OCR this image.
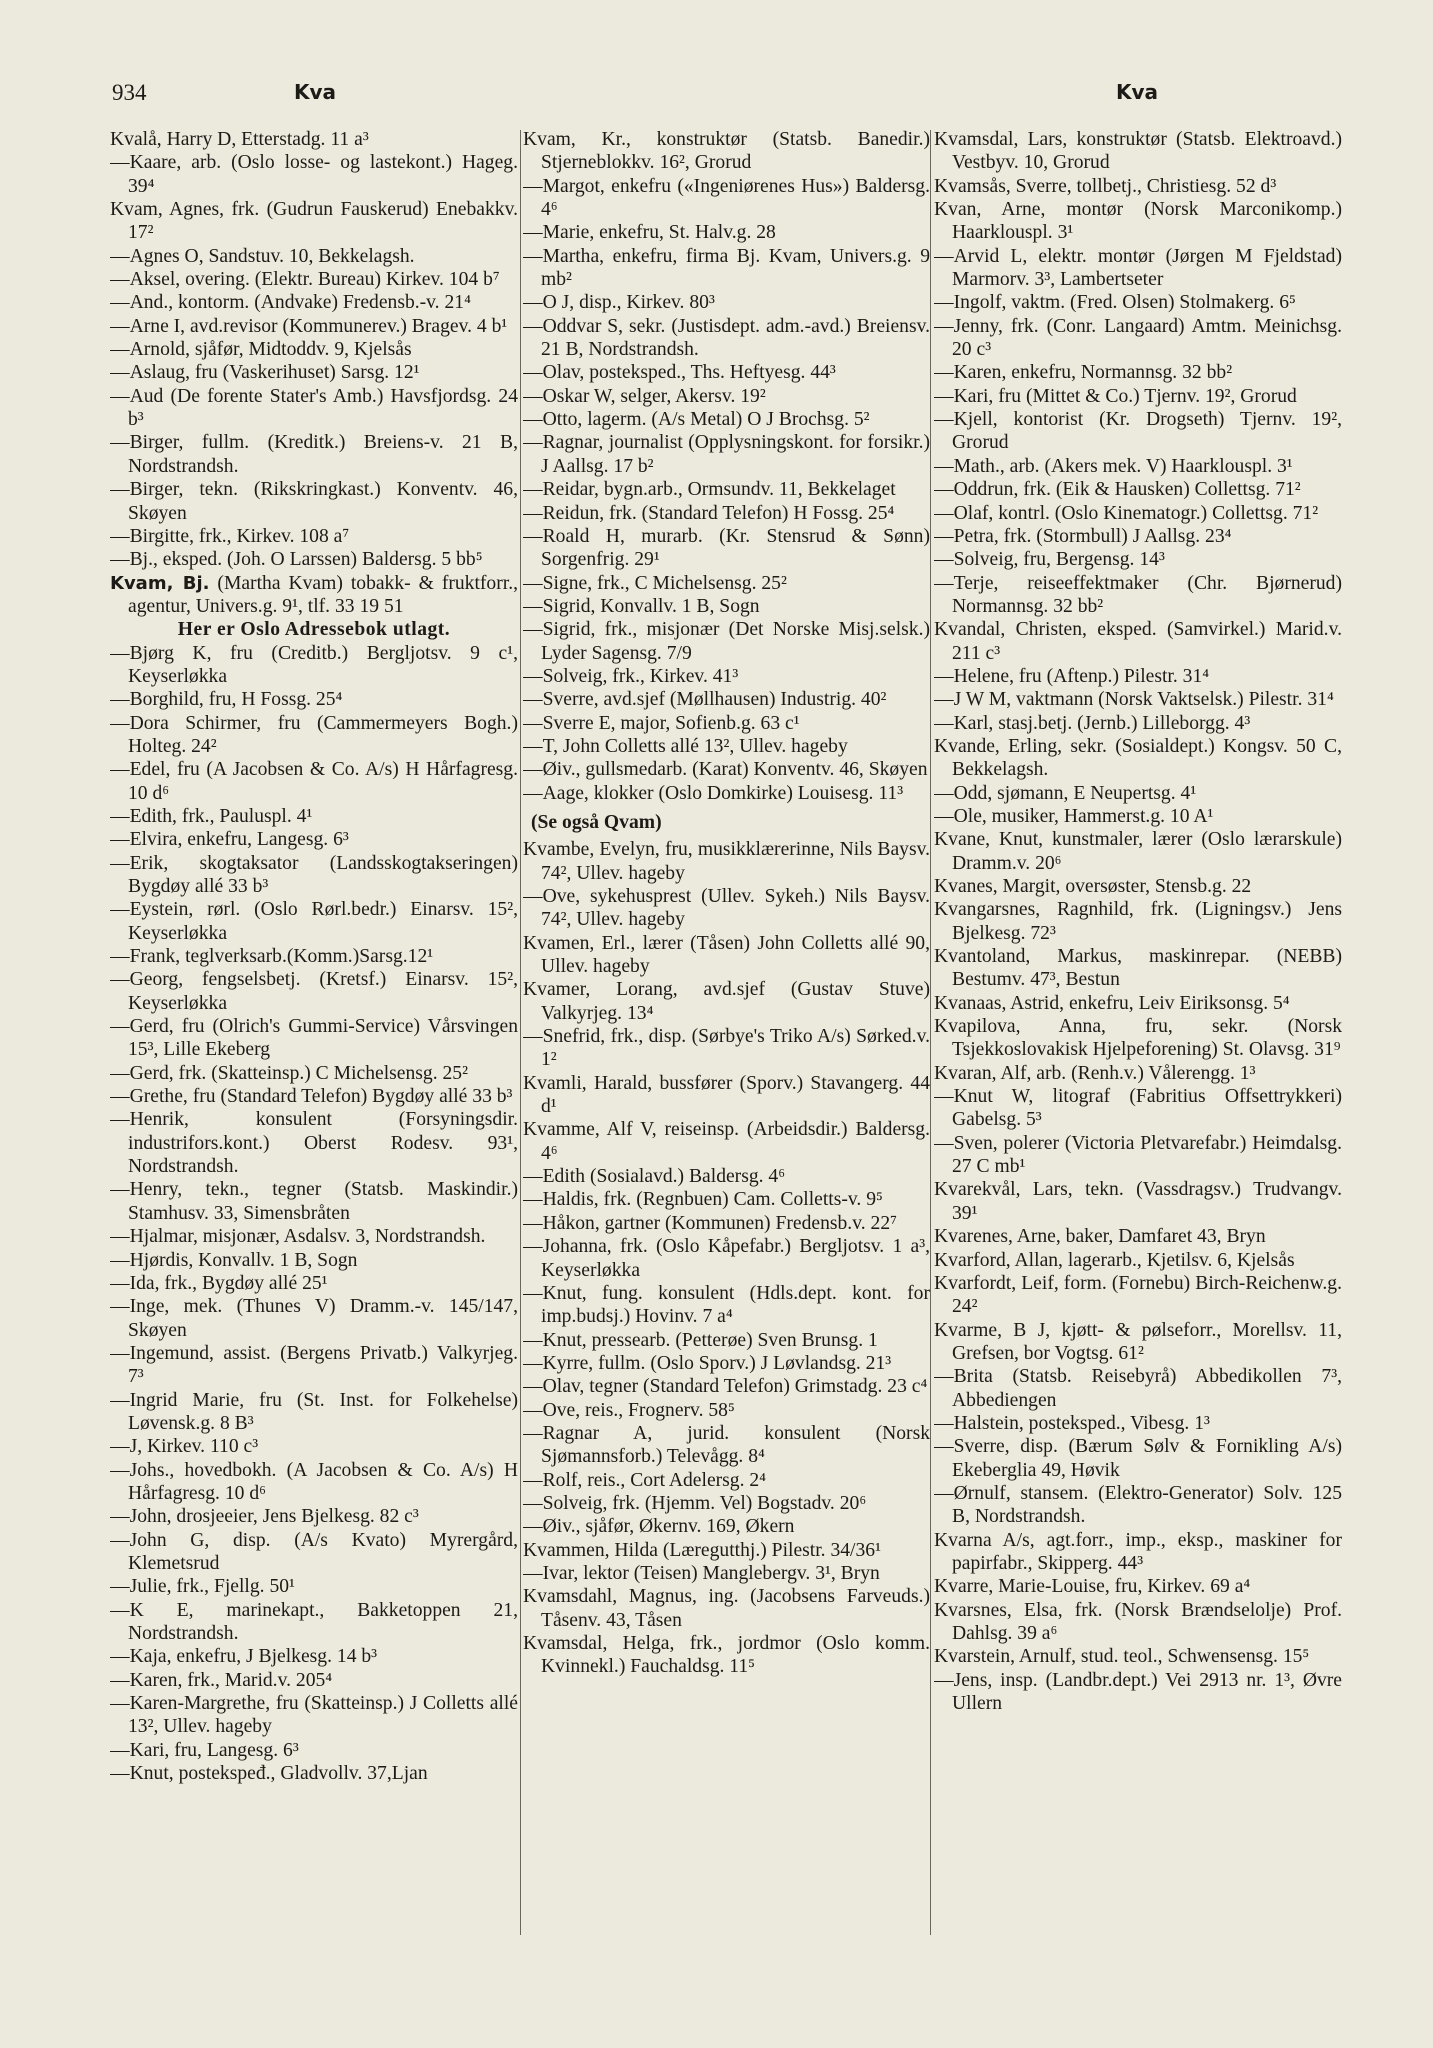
934	Kva	Kva
Kvalå, Harry D, Etterstadg. 11 a³
—Kaare, arb. (Oslo losse- og lastekont.) Hageg. 39⁴
Kvam, Agnes, frk. (Gudrun Fauskerud) Enebakkv. 17²
—Agnes O, Sandstuv. 10, Bekkelagsh.
—Aksel, overing. (Elektr. Bureau) Kirkev. 104 b⁷
—And., kontorm. (Andvake) Fredensb.-v. 21⁴
—Arne I, avd.revisor (Kommunerev.) Bragev. 4 b¹
—Arnold, sjåfør, Midtoddv. 9, Kjelsås
—Aslaug, fru (Vaskerihuset) Sarsg. 12¹
—Aud (De forente Stater's Amb.) Havsfjordsg. 24 b³
—Birger, fullm. (Kreditk.) Breiens-v. 21 B, Nordstrandsh.
—Birger, tekn. (Rikskringkast.) Konventv. 46, Skøyen
—Birgitte, frk., Kirkev. 108 a⁷
—Bj., eksped. (Joh. O Larssen) Baldersg. 5 bb⁵
Kvam, Bj. (Martha Kvam) tobakk- & fruktforr., agentur, Univers.g. 9¹, tlf. 33 19 51
Her er Oslo Adressebok utlagt.
—Bjørg K, fru (Creditb.) Bergljotsv. 9 c¹, Keyserløkka
—Borghild, fru, H Fossg. 25⁴
—Dora Schirmer, fru (Cammermeyers Bogh.) Holteg. 24²
—Edel, fru (A Jacobsen & Co. A/s) H Hårfagresg. 10 d⁶
—Edith, frk., Pauluspl. 4¹
—Elvira, enkefru, Langesg. 6³
—Erik, skogtaksator (Landsskogtakseringen) Bygdøy allé 33 b³
—Eystein, rørl. (Oslo Rørl.bedr.) Einarsv. 15², Keyserløkka
—Frank, teglverksarb.(Komm.)Sarsg.12¹
—Georg, fengselsbetj. (Kretsf.) Einarsv. 15², Keyserløkka
—Gerd, fru (Olrich's Gummi-Service) Vårsvingen 15³, Lille Ekeberg
—Gerd, frk. (Skatteinsp.) C Michelsensg. 25²
—Grethe, fru (Standard Telefon) Bygdøy allé 33 b³
—Henrik, konsulent (Forsyningsdir. industrifors.kont.) Oberst Rodesv. 93¹, Nordstrandsh.
—Henry, tekn., tegner (Statsb. Maskindir.) Stamhusv. 33, Simensbråten
—Hjalmar, misjonær, Asdalsv. 3, Nordstrandsh.
—Hjørdis, Konvallv. 1 B, Sogn
—Ida, frk., Bygdøy allé 25¹
—Inge, mek. (Thunes V) Dramm.-v. 145/147, Skøyen
—Ingemund, assist. (Bergens Privatb.) Valkyrjeg. 7³
—Ingrid Marie, fru (St. Inst. for Folkehelse) Løvensk.g. 8 B³
—J, Kirkev. 110 c³
—Johs., hovedbokh. (A Jacobsen & Co. A/s) H Hårfagresg. 10 d⁶
—John, drosjeeier, Jens Bjelkesg. 82 c³
—John G, disp. (A/s Kvato) Myrergård, Klemetsrud
—Julie, frk., Fjellg. 50¹
—K E, marinekapt., Bakketoppen 21, Nordstrandsh.
—Kaja, enkefru, J Bjelkesg. 14 b³
—Karen, frk., Marid.v. 205⁴
—Karen-Margrethe, fru (Skatteinsp.) J Colletts allé 13², Ullev. hageby
—Kari, fru, Langesg. 6³
—Knut, postekspeđ., Gladvollv. 37,Ljan
Kvam, Kr., konstruktør (Statsb. Banedir.) Stjerneblokkv. 16², Grorud
—Margot, enkefru («Ingeniørenes Hus») Baldersg. 4⁶
—Marie, enkefru, St. Halv.g. 28
—Martha, enkefru, firma Bj. Kvam, Univers.g. 9 mb²
—O J, disp., Kirkev. 80³
—Oddvar S, sekr. (Justisdept. adm.-avd.) Breiensv. 21 B, Nordstrandsh.
—Olav, posteksped., Ths. Heftyesg. 44³
—Oskar W, selger, Akersv. 19²
—Otto, lagerm. (A/s Metal) O J Brochsg. 5²
—Ragnar, journalist (Opplysningskont. for forsikr.) J Aallsg. 17 b²
—Reidar, bygn.arb., Ormsundv. 11, Bekkelaget
—Reidun, frk. (Standard Telefon) H Fossg. 25⁴
—Roald H, murarb. (Kr. Stensrud & Sønn) Sorgenfrig. 29¹
—Signe, frk., C Michelsensg. 25²
—Sigrid, Konvallv. 1 B, Sogn
—Sigrid, frk., misjonær (Det Norske Misj.selsk.) Lyder Sagensg. 7/9
—Solveig, frk., Kirkev. 41³
—Sverre, avd.sjef (Møllhausen) Industrig. 40²
—Sverre E, major, Sofienb.g. 63 c¹
—T, John Colletts allé 13², Ullev. hageby
—Øiv., gullsmedarb. (Karat) Konventv. 46, Skøyen
—Aage, klokker (Oslo Domkirke) Louisesg. 11³
(Se også Qvam)
Kvambe, Evelyn, fru, musikklærerinne, Nils Baysv. 74², Ullev. hageby
—Ove, sykehusprest (Ullev. Sykeh.) Nils Baysv. 74², Ullev. hageby
Kvamen, Erl., lærer (Tåsen) John Colletts allé 90, Ullev. hageby
Kvamer, Lorang, avd.sjef (Gustav Stuve) Valkyrjeg. 13⁴
—Snefrid, frk., disp. (Sørbye's Triko A/s) Sørked.v. 1²
Kvamli, Harald, bussfører (Sporv.) Stavangerg. 44 d¹
Kvamme, Alf V, reiseinsp. (Arbeidsdir.) Baldersg. 4⁶
—Edith (Sosialavd.) Baldersg. 4⁶
—Haldis, frk. (Regnbuen) Cam. Colletts-v. 9⁵
—Håkon, gartner (Kommunen) Fredensb.v. 22⁷
—Johanna, frk. (Oslo Kåpefabr.) Bergljotsv. 1 a³, Keyserløkka
—Knut, fung. konsulent (Hdls.dept. kont. for imp.budsj.) Hovinv. 7 a⁴
—Knut, pressearb. (Petterøe) Sven Brunsg. 1
—Kyrre, fullm. (Oslo Sporv.) J Løvlandsg. 21³
—Olav, tegner (Standard Telefon) Grimstadg. 23 c⁴
—Ove, reis., Frognerv. 58⁵
—Ragnar A, jurid. konsulent (Norsk Sjømannsforb.) Televågg. 8⁴
—Rolf, reis., Cort Adelersg. 2⁴
—Solveig, frk. (Hjemm. Vel) Bogstadv. 20⁶
—Øiv., sjåfør, Økernv. 169, Økern
Kvammen, Hilda (Læregutthj.) Pilestr. 34/36¹
—Ivar, lektor (Teisen) Manglebergv. 3¹, Bryn
Kvamsdahl, Magnus, ing. (Jacobsens Farveuds.) Tåsenv. 43, Tåsen
Kvamsdal, Helga, frk., jordmor (Oslo komm. Kvinnekl.) Fauchaldsg. 11⁵
Kvamsdal, Lars, konstruktør (Statsb. Elektroavd.) Vestbyv. 10, Grorud
Kvamsås, Sverre, tollbetj., Christiesg. 52 d³
Kvan, Arne, montør (Norsk Marconikomp.) Haarklouspl. 3¹
—Arvid L, elektr. montør (Jørgen M Fjeldstad) Marmorv. 3³, Lambertseter
—Ingolf, vaktm. (Fred. Olsen) Stolmakerg. 6⁵
—Jenny, frk. (Conr. Langaard) Amtm. Meinichsg. 20 c³
—Karen, enkefru, Normannsg. 32 bb²
—Kari, fru (Mittet & Co.) Tjernv. 19², Grorud
—Kjell, kontorist (Kr. Drogseth) Tjernv. 19², Grorud
—Math., arb. (Akers mek. V) Haarklouspl. 3¹
—Oddrun, frk. (Eik & Hausken) Collettsg. 71²
—Olaf, kontrl. (Oslo Kinematogr.) Collettsg. 71²
—Petra, frk. (Stormbull) J Aallsg. 23⁴
—Solveig, fru, Bergensg. 14³
—Terje, reiseeffektmaker (Chr. Bjørnerud) Normannsg. 32 bb²
Kvandal, Christen, eksped. (Samvirkel.) Marid.v. 211 c³
—Helene, fru (Aftenp.) Pilestr. 31⁴
—J W M, vaktmann (Norsk Vaktselsk.) Pilestr. 31⁴
—Karl, stasj.betj. (Jernb.) Lilleborgg. 4³
Kvande, Erling, sekr. (Sosialdept.) Kongsv. 50 C, Bekkelagsh.
—Odd, sjømann, E Neupertsg. 4¹
—Ole, musiker, Hammerst.g. 10 A¹
Kvane, Knut, kunstmaler, lærer (Oslo lærarskule) Dramm.v. 20⁶
Kvanes, Margit, oversøster, Stensb.g. 22
Kvangarsnes, Ragnhild, frk. (Ligningsv.) Jens Bjelkesg. 72³
Kvantoland, Markus, maskinrepar. (NEBB) Bestumv. 47³, Bestun
Kvanaas, Astrid, enkefru, Leiv Eiriksonsg. 5⁴
Kvapilova, Anna, fru, sekr. (Norsk Tsjekkoslovakisk Hjelpeforening) St. Olavsg. 31⁹
Kvaran, Alf, arb. (Renh.v.) Vålerengg. 1³
—Knut W, litograf (Fabritius Offsettrykkeri) Gabelsg. 5³
—Sven, polerer (Victoria Pletvarefabr.) Heimdalsg. 27 C mb¹
Kvarekvål, Lars, tekn. (Vassdragsv.) Trudvangv. 39¹
Kvarenes, Arne, baker, Damfaret 43, Bryn
Kvarford, Allan, lagerarb., Kjetilsv. 6, Kjelsås
Kvarfordt, Leif, form. (Fornebu) Birch-Reichenw.g. 24²
Kvarme, B J, kjøtt- & pølseforr., Morellsv. 11, Grefsen, bor Vogtsg. 61²
—Brita (Statsb. Reisebyrå) Abbedikollen 7³, Abbediengen
—Halstein, posteksped., Vibesg. 1³
—Sverre, disp. (Bærum Sølv & Fornikling A/s) Ekeberglia 49, Høvik
—Ørnulf, stansem. (Elektro-Generator) Solv. 125 B, Nordstrandsh.
Kvarna A/s, agt.forr., imp., eksp., maskiner for papirfabr., Skipperg. 44³
Kvarre, Marie-Louise, fru, Kirkev. 69 a⁴
Kvarsnes, Elsa, frk. (Norsk Brændselolje) Prof. Dahlsg. 39 a⁶
Kvarstein, Arnulf, stud. teol., Schwensensg. 15⁵
—Jens, insp. (Landbr.dept.) Vei 2913 nr. 1³, Øvre Ullern
